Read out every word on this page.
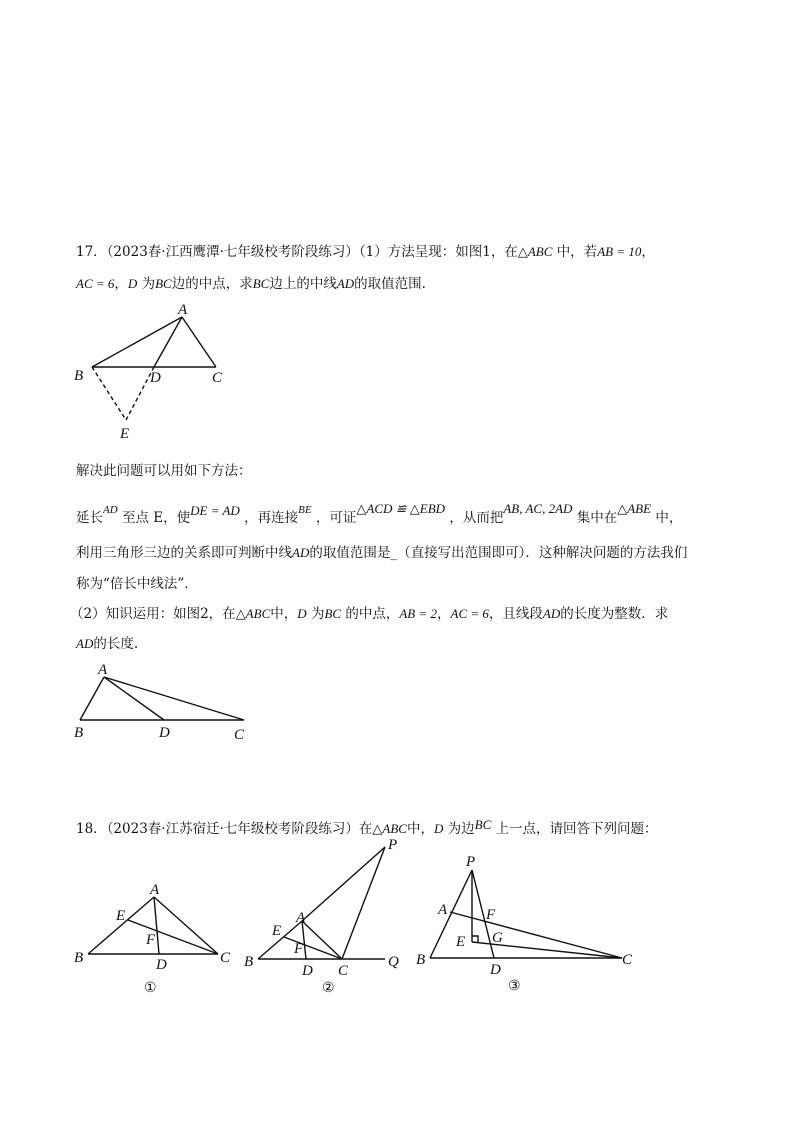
17．（2023春·江西鹰潭·七年级校考阶段练习）（1）方法呈现：如图1，在△ABC 中，若AB = 10，
AC = 6，D 为BC边的中点，求BC边上的中线AD的取值范围.
A
B	D	C
E
解决此问题可以用如下方法：
延长$^{AD}$ 至点 E，使DE = AD ，再连接$^{BE}$ ，可证△ACD ≌ △EBD ，从而把AB, AC, 2AD 集中在△ABE 中，
利用三角形三边的关系即可判断中线AD的取值范围是_（直接写出范围即可）．这种解决问题的方法我们
称为“倍长中线法”．
（2）知识运用：如图2，在△ABC中，D 为BC 的中点，AB = 2，AC = 6，且线段AD的长度为整数．求
AD的长度.
A
B	D	C
18．（2023春·江苏宿迁·七年级校考阶段练习）在△ABC中，D 为边BC 上一点，请回答下列问题：
A
E
F
B	D	C
①
P
A
E
F
B
D C
Q
②
P
A	F
G
E
B
D
C
③
